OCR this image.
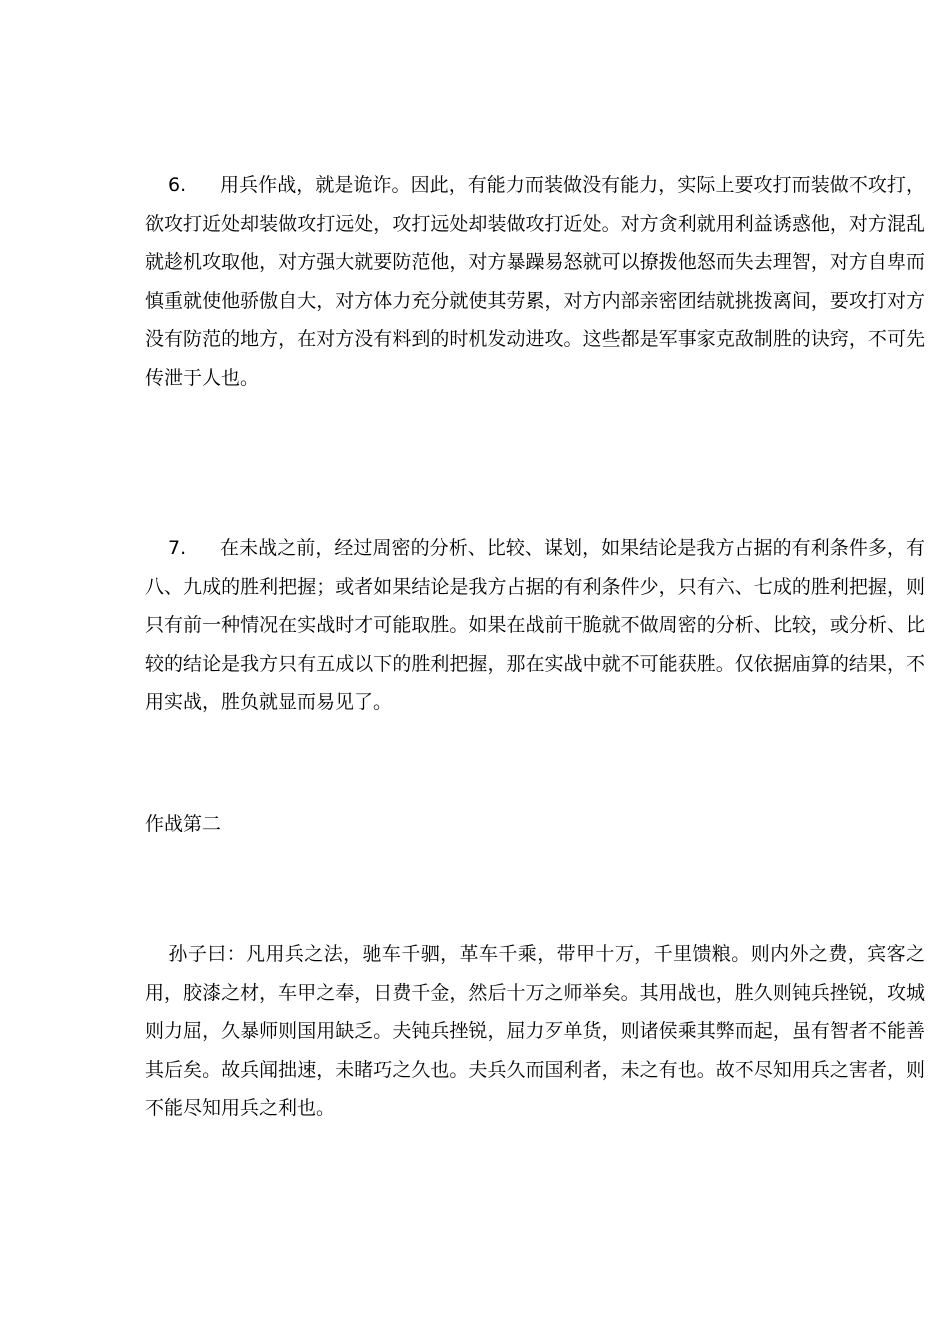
6. 用兵作战，就是诡诈。因此，有能力而装做没有能力，实际上要攻打而装做不攻打，欲攻打近处却装做攻打远处，攻打远处却装做攻打近处。对方贪利就用利益诱惑他，对方混乱就趁机攻取他，对方强大就要防范他，对方暴躁易怒就可以撩拨他怒而失去理智，对方自卑而慎重就使他骄傲自大，对方体力充分就使其劳累，对方内部亲密团结就挑拨离间，要攻打对方没有防范的地方，在对方没有料到的时机发动进攻。这些都是军事家克敌制胜的诀窍，不可先传泄于人也。

7. 在未战之前，经过周密的分析、比较、谋划，如果结论是我方占据的有利条件多，有八、九成的胜利把握；或者如果结论是我方占据的有利条件少，只有六、七成的胜利把握，则只有前一种情况在实战时才可能取胜。如果在战前干脆就不做周密的分析、比较，或分析、比较的结论是我方只有五成以下的胜利把握，那在实战中就不可能获胜。仅依据庙算的结果，不用实战，胜负就显而易见了。

作战第二

孙子曰：凡用兵之法，驰车千驷，革车千乘，带甲十万，千里馈粮。则内外之费，宾客之用，胶漆之材，车甲之奉，日费千金，然后十万之师举矣。其用战也，胜久则钝兵挫锐，攻城则力屈，久暴师则国用缺乏。夫钝兵挫锐，屈力歹单货，则诸侯乘其弊而起，虽有智者不能善其后矣。故兵闻拙速，未睹巧之久也。夫兵久而国利者，未之有也。故不尽知用兵之害者，则不能尽知用兵之利也。
